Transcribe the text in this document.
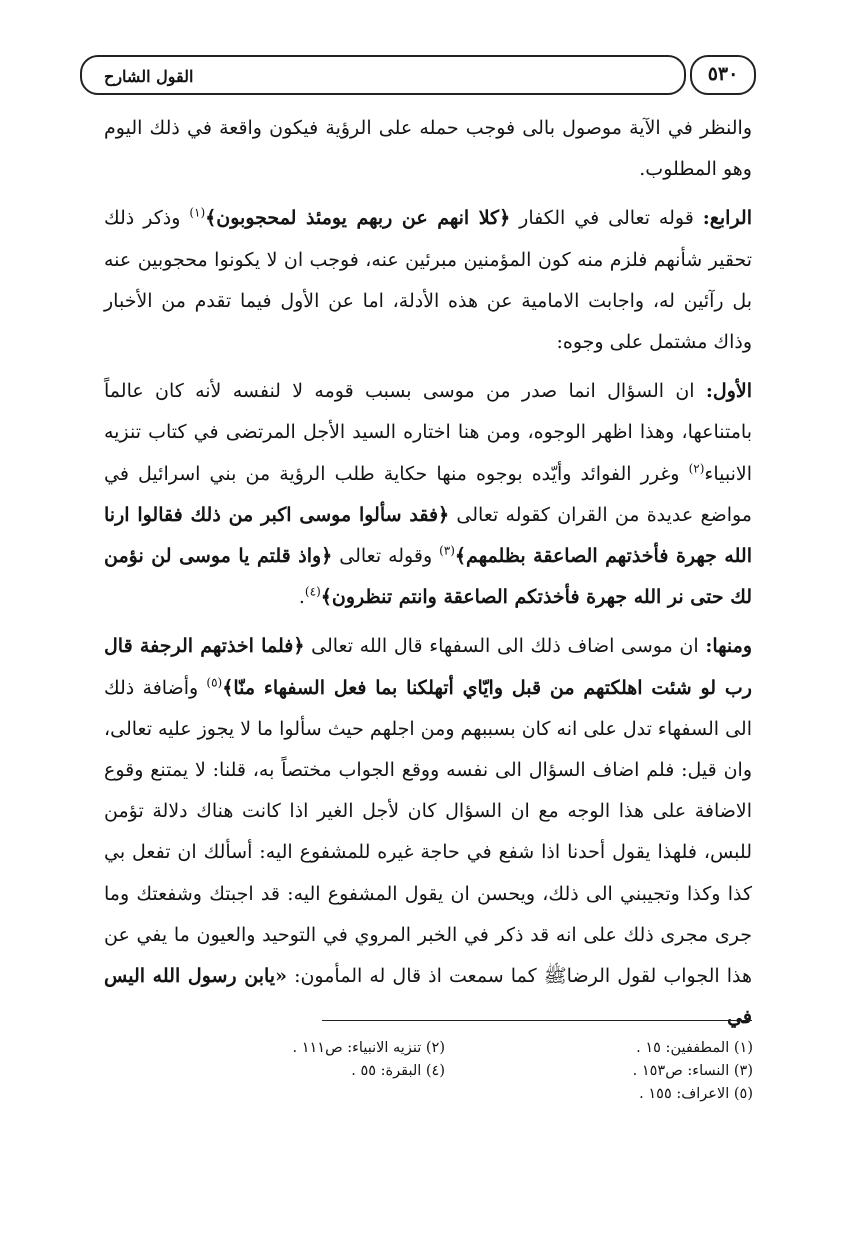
القول الشارح	٥٣٠

والنظر في الآية موصول بالى فوجب حمله على الرؤية فيكون واقعة في ذلك اليوم وهو المطلوب.

الرابع: قوله تعالى في الكفار ﴿كلا انهم عن ربهم يومئذ لمحجوبون﴾$^{(١)}$ وذكر ذلك تحقير شأنهم فلزم منه كون المؤمنين مبرئين عنه، فوجب ان لا يكونوا محجوبين عنه بل رآئين له، واجابت الامامية عن هذه الأدلة، اما عن الأول فيما تقدم من الأخبار وذاك مشتمل على وجوه:

الأول: ان السؤال انما صدر من موسى بسبب قومه لا لنفسه لأنه كان عالماً بامتناعها، وهذا اظهر الوجوه، ومن هنا اختاره السيد الأجل المرتضى في كتاب تنزيه الانبياء$^{(٢)}$ وغرر الفوائد وأيّده بوجوه منها حكاية طلب الرؤية من بني اسرائيل في مواضع عديدة من القران كقوله تعالى ﴿فقد سألوا موسى اكبر من ذلك فقالوا ارنا الله جهرة فأخذتهم الصاعقة بظلمهم﴾$^{(٣)}$ وقوله تعالى ﴿واذ قلتم يا موسى لن نؤمن لك حتى نر الله جهرة فأخذتكم الصاعقة وانتم تنظرون﴾$^{(٤)}$.

ومنها: ان موسى اضاف ذلك الى السفهاء قال الله تعالى ﴿فلما اخذتهم الرجفة قال رب لو شئت اهلكتهم من قبل وايّاي أتهلكنا بما فعل السفهاء منّا﴾$^{(٥)}$ وأضافة ذلك الى السفهاء تدل على انه كان بسببهم ومن اجلهم حيث سألوا ما لا يجوز عليه تعالى، وان قيل: فلم اضاف السؤال الى نفسه ووقع الجواب مختصاً به، قلنا: لا يمتنع وقوع الاضافة على هذا الوجه مع ان السؤال كان لأجل الغير اذا كانت هناك دلالة تؤمن للبس، فلهذا يقول أحدنا اذا شفع في حاجة غيره للمشفوع اليه: أسألك ان تفعل بي كذا وكذا وتجيبني الى ذلك، ويحسن ان يقول المشفوع اليه: قد اجبتك وشفعتك وما جرى مجرى ذلك على انه قد ذكر في الخبر المروي في التوحيد والعيون ما يفي عن هذا الجواب لقول الرضاﷺ كما سمعت اذ قال له المأمون: «يابن رسول الله اليس في

(١) المطففين: ١٥ .
(٢) تنزيه الانبياء: ص١١١ .
(٣) النساء: ص١٥٣ .
(٤) البقرة: ٥٥ .
(٥) الاعراف: ١٥٥ .
